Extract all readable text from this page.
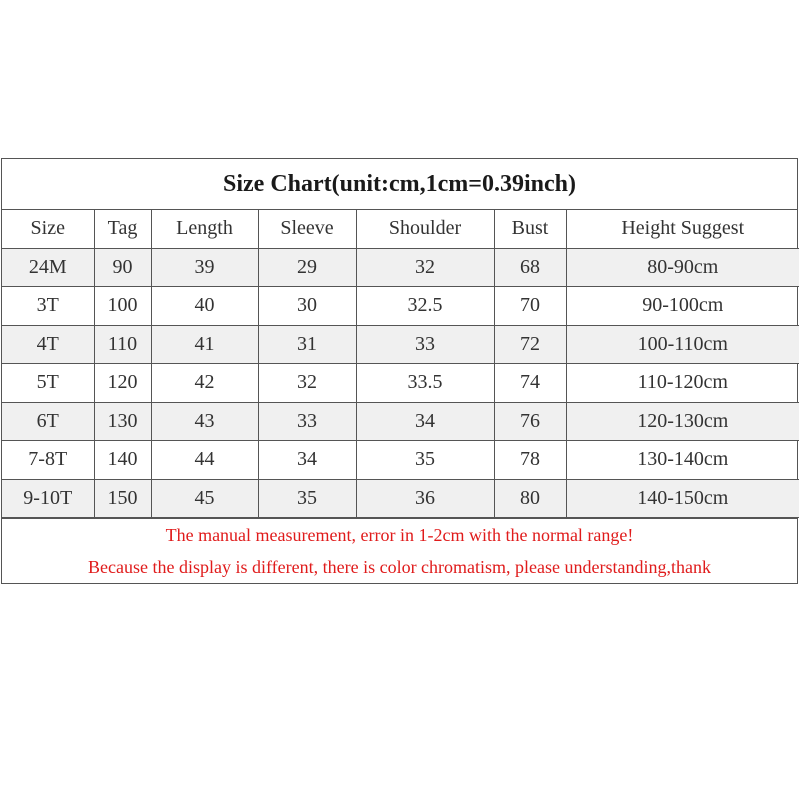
Size Chart(unit:cm,1cm=0.39inch)
Size	Tag	Length	Sleeve	Shoulder	Bust	Height Suggest
24M	90	39	29	32	68	80-90cm
3T	100	40	30	32.5	70	90-100cm
4T	110	41	31	33	72	100-110cm
5T	120	42	32	33.5	74	110-120cm
6T	130	43	33	34	76	120-130cm
7-8T	140	44	34	35	78	130-140cm
9-10T	150	45	35	36	80	140-150cm
The manual measurement, error in 1-2cm with the normal range!
Because the display is different, there is color chromatism, please understanding,thank
